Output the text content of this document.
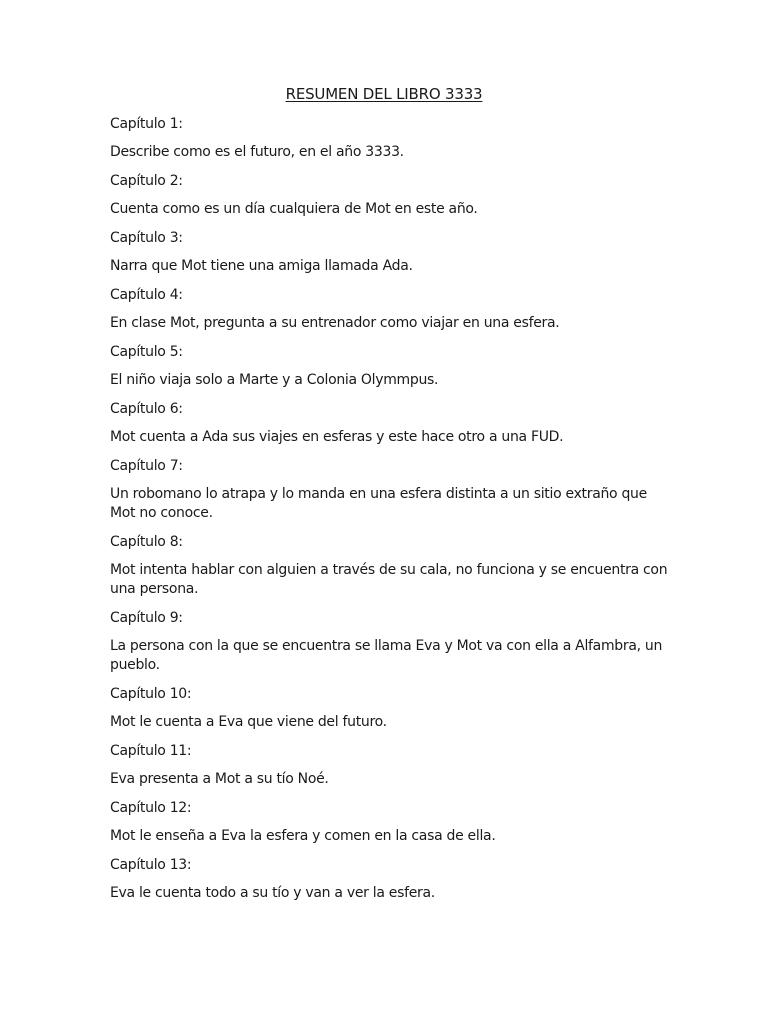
RESUMEN DEL LIBRO 3333

Capítulo 1:

Describe como es el futuro, en el año 3333.

Capítulo 2:

Cuenta como es un día cualquiera de Mot en este año.

Capítulo 3:

Narra que Mot tiene una amiga llamada Ada.

Capítulo 4:

En clase Mot, pregunta a su entrenador como viajar en una esfera.

Capítulo 5:

El niño viaja solo a Marte y a Colonia Olymmpus.

Capítulo 6:

Mot cuenta a Ada sus viajes en esferas y este hace otro a una FUD.

Capítulo 7:

Un robomano lo atrapa y lo manda en una esfera distinta a un sitio extraño que Mot no conoce.

Capítulo 8:

Mot intenta hablar con alguien a través de su cala, no funciona y se encuentra con una persona.

Capítulo 9:

La persona con la que se encuentra se llama Eva y Mot va con ella a Alfambra, un pueblo.

Capítulo 10:

Mot le cuenta a Eva que viene del futuro.

Capítulo 11:

Eva presenta a Mot a su tío Noé.

Capítulo 12:

Mot le enseña a Eva la esfera y comen en la casa de ella.

Capítulo 13:

Eva le cuenta todo a su tío y van a ver la esfera.
